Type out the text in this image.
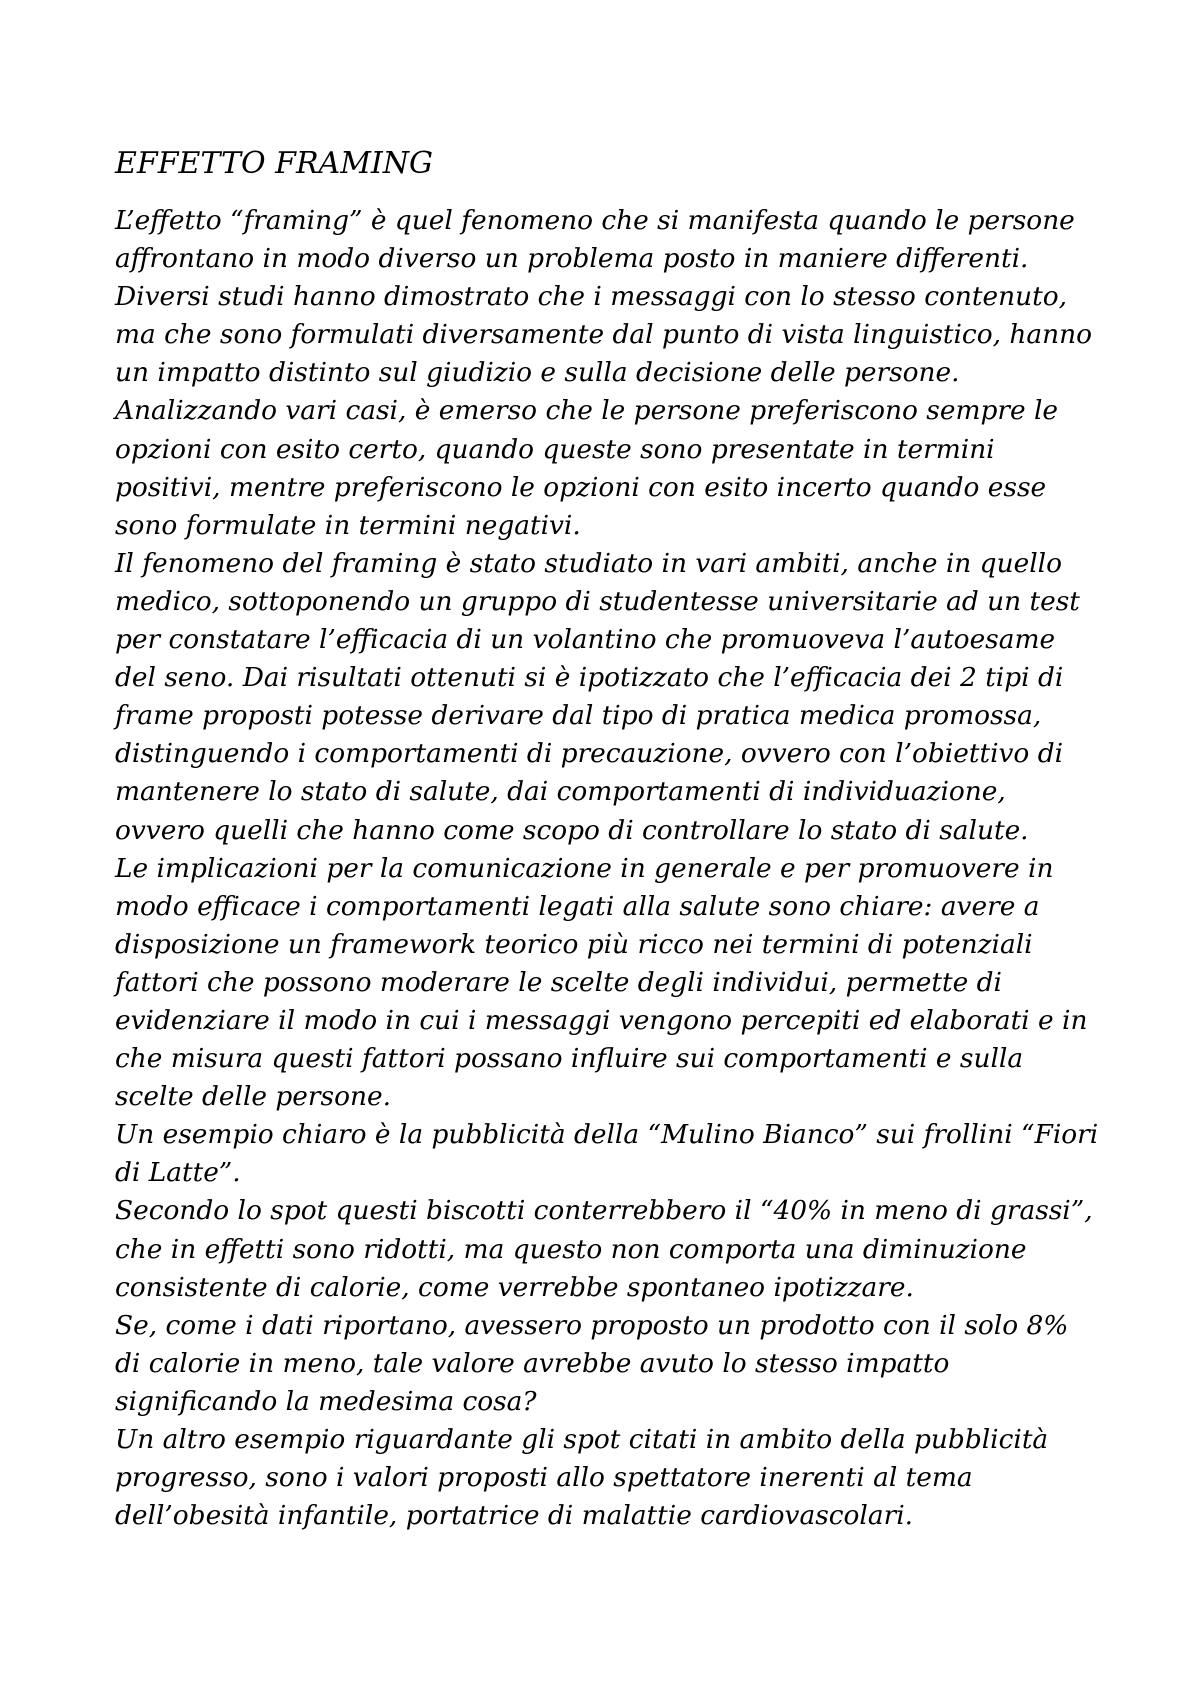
EFFETTO FRAMING
L’effetto “framing” è quel fenomeno che si manifesta quando le persone
affrontano in modo diverso un problema posto in maniere differenti.
Diversi studi hanno dimostrato che i messaggi con lo stesso contenuto,
ma che sono formulati diversamente dal punto di vista linguistico, hanno
un impatto distinto sul giudizio e sulla decisione delle persone.
Analizzando vari casi, è emerso che le persone preferiscono sempre le
opzioni con esito certo, quando queste sono presentate in termini
positivi, mentre preferiscono le opzioni con esito incerto quando esse
sono formulate in termini negativi.
Il fenomeno del framing è stato studiato in vari ambiti, anche in quello
medico, sottoponendo un gruppo di studentesse universitarie ad un test
per constatare l’efficacia di un volantino che promuoveva l’autoesame
del seno. Dai risultati ottenuti si è ipotizzato che l’efficacia dei 2 tipi di
frame proposti potesse derivare dal tipo di pratica medica promossa,
distinguendo i comportamenti di precauzione, ovvero con l’obiettivo di
mantenere lo stato di salute, dai comportamenti di individuazione,
ovvero quelli che hanno come scopo di controllare lo stato di salute.
Le implicazioni per la comunicazione in generale e per promuovere in
modo efficace i comportamenti legati alla salute sono chiare: avere a
disposizione un framework teorico più ricco nei termini di potenziali
fattori che possono moderare le scelte degli individui, permette di
evidenziare il modo in cui i messaggi vengono percepiti ed elaborati e in
che misura questi fattori possano influire sui comportamenti e sulla
scelte delle persone.
Un esempio chiaro è la pubblicità della “Mulino Bianco” sui frollini “Fiori
di Latte”.
Secondo lo spot questi biscotti conterrebbero il “40% in meno di grassi”,
che in effetti sono ridotti, ma questo non comporta una diminuzione
consistente di calorie, come verrebbe spontaneo ipotizzare.
Se, come i dati riportano, avessero proposto un prodotto con il solo 8%
di calorie in meno, tale valore avrebbe avuto lo stesso impatto
significando la medesima cosa?
Un altro esempio riguardante gli spot citati in ambito della pubblicità
progresso, sono i valori proposti allo spettatore inerenti al tema
dell’obesità infantile, portatrice di malattie cardiovascolari.
